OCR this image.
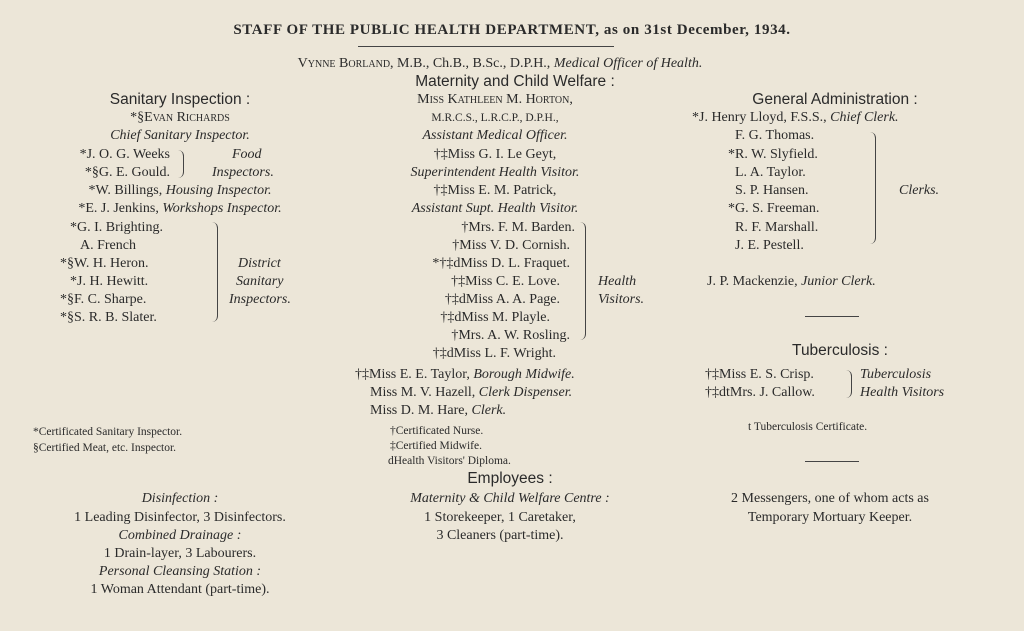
STAFF OF THE PUBLIC HEALTH DEPARTMENT, as on 31st December, 1934.
Vynne Borland, M.B., Ch.B., B.Sc., D.P.H., Medical Officer of Health.
Sanitary Inspection :
*§Evan Richards
Chief Sanitary Inspector.
*J. O. G. Weeks
*§G. E. Gould.
Food
Inspectors.
*W. Billings, Housing Inspector.
*E. J. Jenkins, Workshops Inspector.
*G. I. Brighting.
A. French
*§W. H. Heron.
*J. H. Hewitt.
*§F. C. Sharpe.
*§S. R. B. Slater.
District
Sanitary
Inspectors.
*Certificated Sanitary Inspector.
§Certified Meat, etc. Inspector.
Maternity and Child Welfare :
Miss Kathleen M. Horton,
M.R.C.S., L.R.C.P., D.P.H.,
Assistant Medical Officer.
†‡Miss G. I. Le Geyt,
Superintendent Health Visitor.
†‡Miss E. M. Patrick,
Assistant Supt. Health Visitor.
†Mrs. F. M. Barden.
†Miss V. D. Cornish.
*†‡dMiss D. L. Fraquet.
†‡Miss C. E. Love.
†‡dMiss A. A. Page.
†‡dMiss M. Playle.
†Mrs. A. W. Rosling.
†‡dMiss L. F. Wright.
Health
Visitors.
†‡Miss E. E. Taylor, Borough Midwife.
Miss M. V. Hazell, Clerk Dispenser.
Miss D. M. Hare, Clerk.
†Certificated Nurse.
‡Certified Midwife.
dHealth Visitors' Diploma.
General Administration :
*J. Henry Lloyd, F.S.S., Chief Clerk.
F. G. Thomas.
*R. W. Slyfield.
L. A. Taylor.
S. P. Hansen.
*G. S. Freeman.
R. F. Marshall.
J. E. Pestell.
Clerks.
J. P. Mackenzie, Junior Clerk.
Tuberculosis :
†‡Miss E. S. Crisp.
†‡dtMrs. J. Callow.
Tuberculosis
Health Visitors
t Tuberculosis Certificate.
Disinfection :
1 Leading Disinfector, 3 Disinfectors.
Combined Drainage :
1 Drain-layer, 3 Labourers.
Personal Cleansing Station :
1 Woman Attendant (part-time).
Employees :
Maternity & Child Welfare Centre :
1 Storekeeper, 1 Caretaker,
3 Cleaners (part-time).
2 Messengers, one of whom acts as
Temporary Mortuary Keeper.
